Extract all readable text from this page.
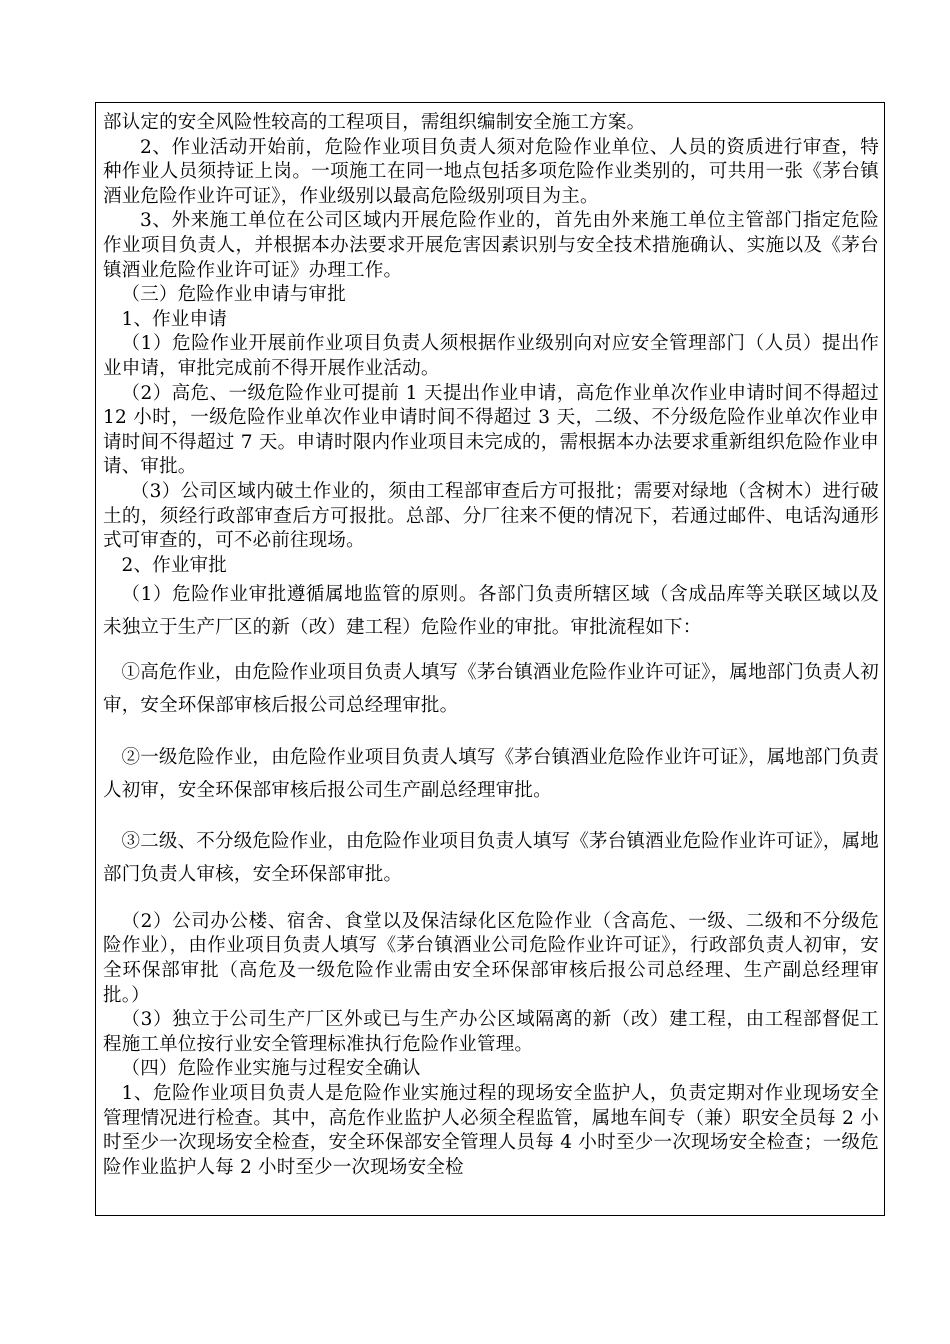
部认定的安全风险性较高的工程项目，需组织编制安全施工方案。

2、作业活动开始前，危险作业项目负责人须对危险作业单位、人员的资质进行审查，特种作业人员须持证上岗。一项施工在同一地点包括多项危险作业类别的，可共用一张《茅台镇酒业危险作业许可证》，作业级别以最高危险级别项目为主。

3、外来施工单位在公司区域内开展危险作业的，首先由外来施工单位主管部门指定危险作业项目负责人，并根据本办法要求开展危害因素识别与安全技术措施确认、实施以及《茅台镇酒业危险作业许可证》办理工作。

（三）危险作业申请与审批

1、作业申请

（1）危险作业开展前作业项目负责人须根据作业级别向对应安全管理部门（人员）提出作业申请，审批完成前不得开展作业活动。

（2）高危、一级危险作业可提前 1 天提出作业申请，高危作业单次作业申请时间不得超过 12 小时，一级危险作业单次作业申请时间不得超过 3 天，二级、不分级危险作业单次作业申请时间不得超过 7 天。申请时限内作业项目未完成的，需根据本办法要求重新组织危险作业申请、审批。

（3）公司区域内破土作业的，须由工程部审查后方可报批；需要对绿地（含树木）进行破土的，须经行政部审查后方可报批。总部、分厂往来不便的情况下，若通过邮件、电话沟通形式可审查的，可不必前往现场。

2、作业审批

（1）危险作业审批遵循属地监管的原则。各部门负责所辖区域（含成品库等关联区域以及未独立于生产厂区的新（改）建工程）危险作业的审批。审批流程如下：

①高危作业，由危险作业项目负责人填写《茅台镇酒业危险作业许可证》，属地部门负责人初审，安全环保部审核后报公司总经理审批。

②一级危险作业，由危险作业项目负责人填写《茅台镇酒业危险作业许可证》，属地部门负责人初审，安全环保部审核后报公司生产副总经理审批。

③二级、不分级危险作业，由危险作业项目负责人填写《茅台镇酒业危险作业许可证》，属地部门负责人审核，安全环保部审批。

（2）公司办公楼、宿舍、食堂以及保洁绿化区危险作业（含高危、一级、二级和不分级危险作业），由作业项目负责人填写《茅台镇酒业公司危险作业许可证》，行政部负责人初审，安全环保部审批（高危及一级危险作业需由安全环保部审核后报公司总经理、生产副总经理审批。）

（3）独立于公司生产厂区外或已与生产办公区域隔离的新（改）建工程，由工程部督促工程施工单位按行业安全管理标准执行危险作业管理。

（四）危险作业实施与过程安全确认

1、危险作业项目负责人是危险作业实施过程的现场安全监护人，负责定期对作业现场安全管理情况进行检查。其中，高危作业监护人必须全程监管，属地车间专（兼）职安全员每 2 小时至少一次现场安全检查，安全环保部安全管理人员每 4 小时至少一次现场安全检查；一级危险作业监护人每 2 小时至少一次现场安全检
